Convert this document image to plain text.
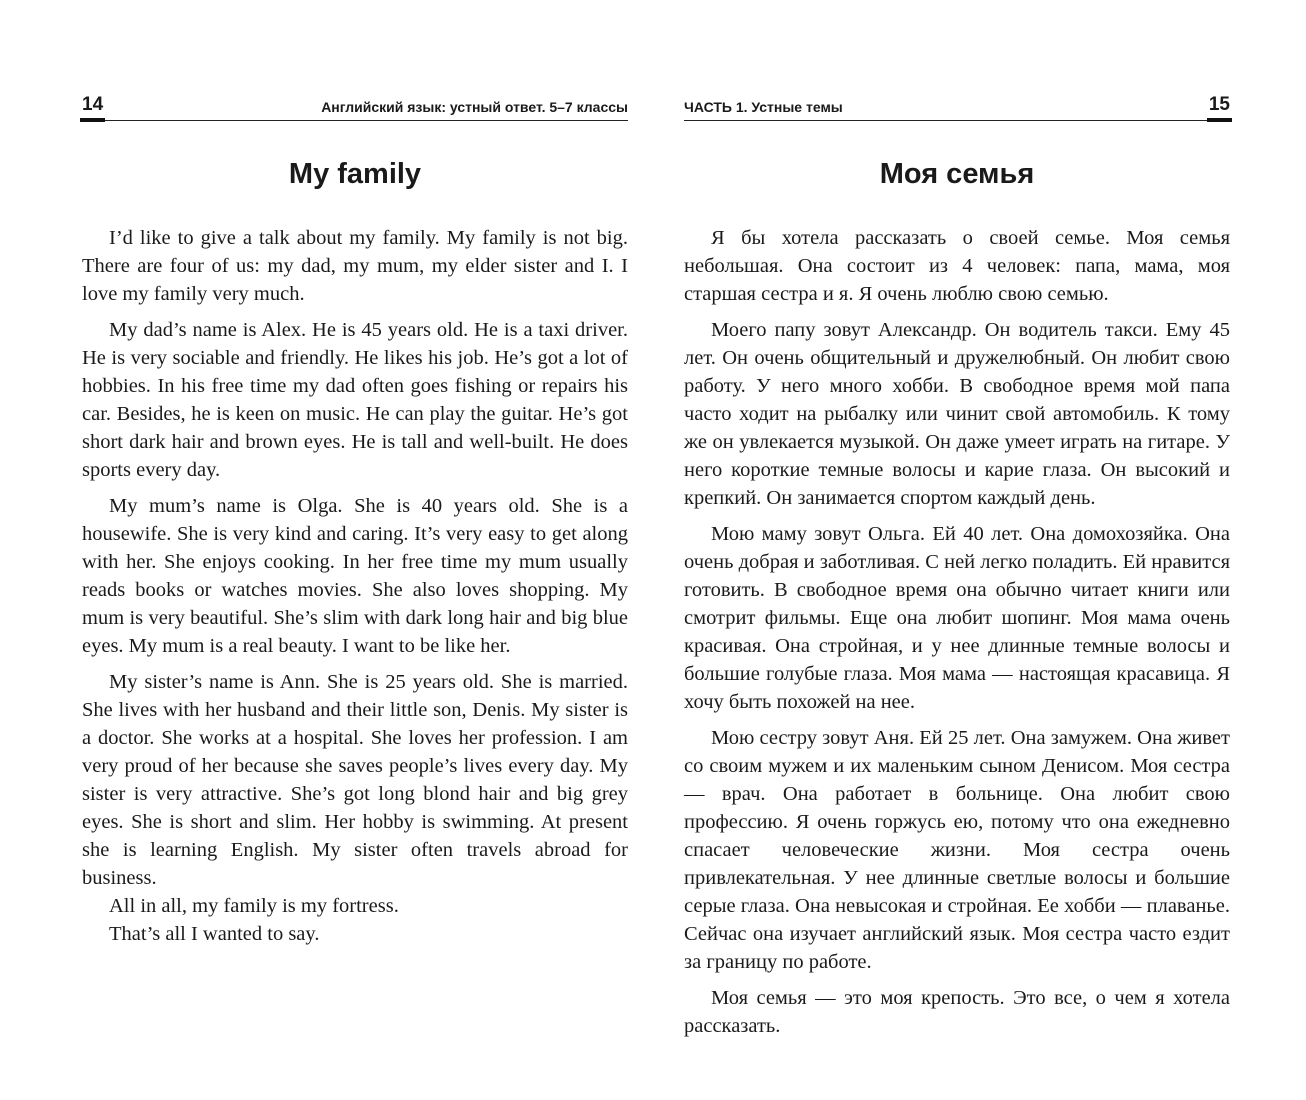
14	Английский язык: устный ответ. 5–7 классы
My family

I’d like to give a talk about my family. My family is not big. There are four of us: my dad, my mum, my elder sister and I. I love my family very much.

My dad’s name is Alex. He is 45 years old. He is a taxi driver. He is very sociable and friendly. He likes his job. He’s got a lot of hobbies. In his free time my dad often goes fishing or repairs his car. Besides, he is keen on music. He can play the guitar. He’s got short dark hair and brown eyes. He is tall and well-built. He does sports every day.

My mum’s name is Olga. She is 40 years old. She is a housewife. She is very kind and caring. It’s very easy to get along with her. She enjoys cooking. In her free time my mum usually reads books or watches movies. She also loves shopping. My mum is very beautiful. She’s slim with dark long hair and big blue eyes. My mum is a real beauty. I want to be like her.

My sister’s name is Ann. She is 25 years old. She is married. She lives with her husband and their little son, Denis. My sister is a doctor. She works at a hospital. She loves her profession. I am very proud of her because she saves people’s lives every day. My sister is very attractive. She’s got long blond hair and big grey eyes. She is short and slim. Her hobby is swimming. At present she is learning English. My sister often travels abroad for business.

All in all, my family is my fortress.

That’s all I wanted to say.

ЧАСТЬ 1. Устные темы	15
Моя семья

Я бы хотела рассказать о своей семье. Моя семья небольшая. Она состоит из 4 человек: папа, мама, моя старшая сестра и я. Я очень люблю свою семью.

Моего папу зовут Александр. Он водитель такси. Ему 45 лет. Он очень общительный и дружелюбный. Он любит свою работу. У него много хобби. В свободное время мой папа часто ходит на рыбалку или чинит свой автомобиль. К тому же он увлекается музыкой. Он даже умеет играть на гитаре. У него короткие темные волосы и карие глаза. Он высокий и крепкий. Он занимается спортом каждый день.

Мою маму зовут Ольга. Ей 40 лет. Она домохозяйка. Она очень добрая и заботливая. С ней легко поладить. Ей нравится готовить. В свободное время она обычно читает книги или смотрит фильмы. Еще она любит шопинг. Моя мама очень красивая. Она стройная, и у нее длинные темные волосы и большие голубые глаза. Моя мама — настоящая красавица. Я хочу быть похожей на нее.

Мою сестру зовут Аня. Ей 25 лет. Она замужем. Она живет со своим мужем и их маленьким сыном Денисом. Моя сестра — врач. Она работает в больнице. Она любит свою профессию. Я очень горжусь ею, потому что она ежедневно спасает человеческие жизни. Моя сестра очень привлекательная. У нее длинные светлые волосы и большие серые глаза. Она невысокая и стройная. Ее хобби — плаванье. Сейчас она изучает английский язык. Моя сестра часто ездит за границу по работе.

Моя семья — это моя крепость. Это все, о чем я хотела рассказать.
